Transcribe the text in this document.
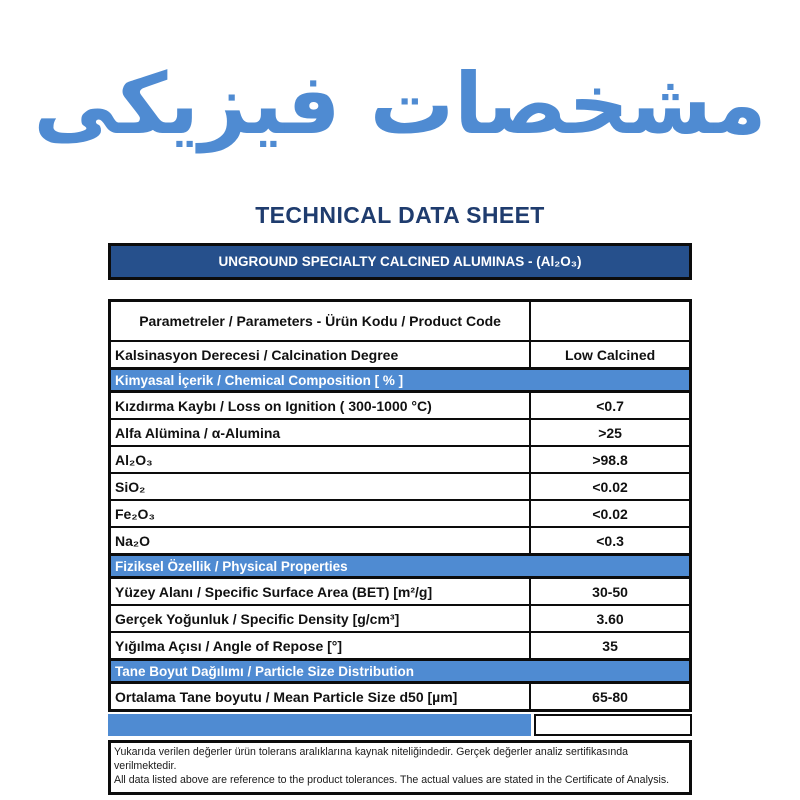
مشخصات فیزیکی
TECHNICAL DATA SHEET
UNGROUND SPECIALTY CALCINED ALUMINAS - (Al₂O₃)
Parametreler / Parameters - Ürün Kodu / Product Code	
Kalsinasyon Derecesi / Calcination Degree	Low Calcined
Kimyasal İçerik / Chemical Composition [ % ]	
Kızdırma Kaybı / Loss on Ignition ( 300-1000 °C)	<0.7
Alfa Alümina / α-Alumina	>25
Al₂O₃	>98.8
SiO₂	<0.02
Fe₂O₃	<0.02
Na₂O	<0.3
Fiziksel Özellik / Physical Properties	
Yüzey Alanı / Specific Surface Area (BET) [m²/g]	30-50
Gerçek Yoğunluk / Specific Density [g/cm³]	3.60
Yığılma Açısı / Angle of Repose [°]	35
Tane Boyut Dağılımı / Particle Size Distribution	
Ortalama Tane boyutu / Mean Particle Size d50 [µm]	65-80
Yukarıda verilen değerler ürün tolerans aralıklarına kaynak niteliğindedir. Gerçek değerler analiz sertifikasında verilmektedir.
All data listed above are reference to the product tolerances. The actual values are stated in the Certificate of Analysis.
